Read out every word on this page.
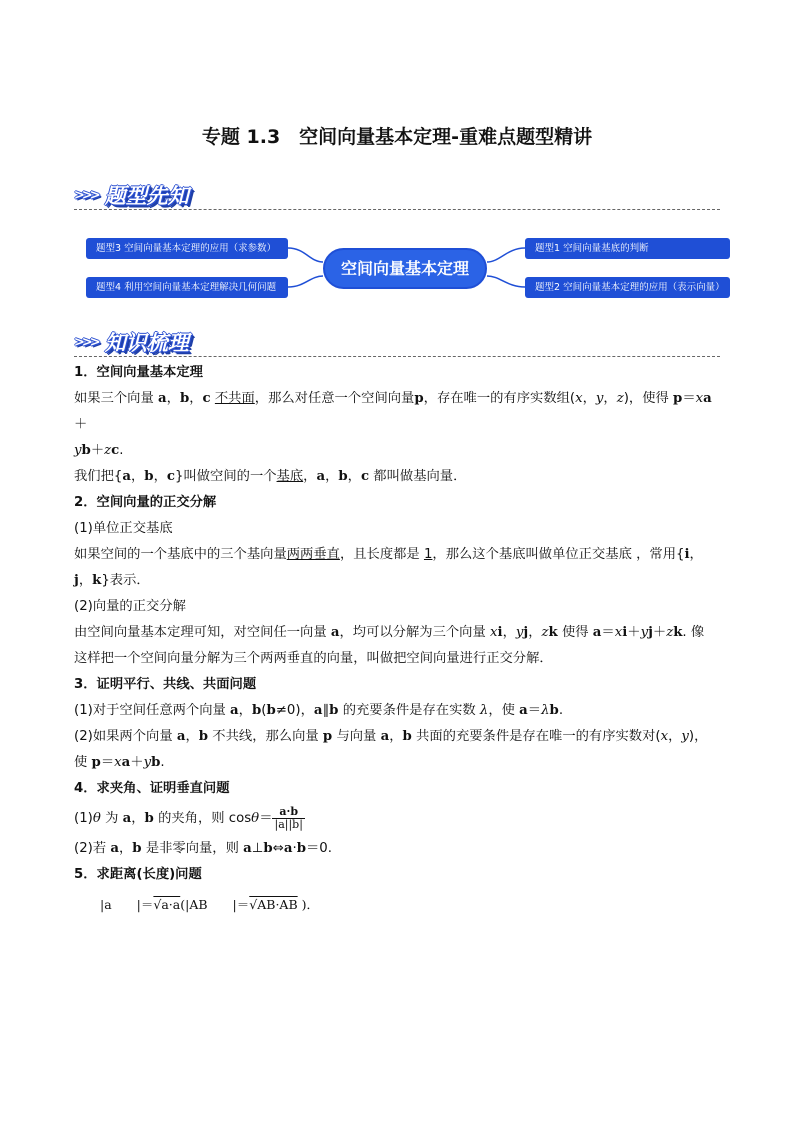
专题 1.3　空间向量基本定理-重难点题型精讲
>>> 题型先知
题型3 空间向量基本定理的应用（求参数）
题型4 利用空间向量基本定理解决几何问题
空间向量基本定理
题型1 空间向量基底的判断
题型2 空间向量基本定理的应用（表示向量）
>>> 知识梳理
1．空间向量基本定理
如果三个向量 a，b，c 不共面，那么对任意一个空间向量p，存在唯一的有序实数组(x，y，z)，使得 p＝xa＋
yb＋zc.
我们把{a，b，c}叫做空间的一个基底，a，b，c 都叫做基向量．
2．空间向量的正交分解
(1)单位正交基底
如果空间的一个基底中的三个基向量两两垂直，且长度都是 1，那么这个基底叫做单位正交基底 ，常用{i，
j，k}表示．
(2)向量的正交分解
由空间向量基本定理可知，对空间任一向量 a，均可以分解为三个向量 xi，yj，zk 使得 a＝xi＋yj＋zk. 像
这样把一个空间向量分解为三个两两垂直的向量，叫做把空间向量进行正交分解．
3．证明平行、共线、共面问题
(1)对于空间任意两个向量 a，b(b≠0)，a∥b 的充要条件是存在实数 λ，使 a＝λb.
(2)如果两个向量 a，b 不共线，那么向量 p 与向量 a，b 共面的充要条件是存在唯一的有序实数对(x，y)，
使 p＝xa＋yb.
4．求夹角、证明垂直问题
(1)θ 为 a，b 的夹角，则 $\cos\theta= \frac{a\cdot b}{|a||b|}$
(2)若 a，b 是非零向量，则 a⊥b⇔a·b＝0.
5．求距离(长度)问题
|a　　|＝√a·a(|AB　　|＝√AB·AB )．
